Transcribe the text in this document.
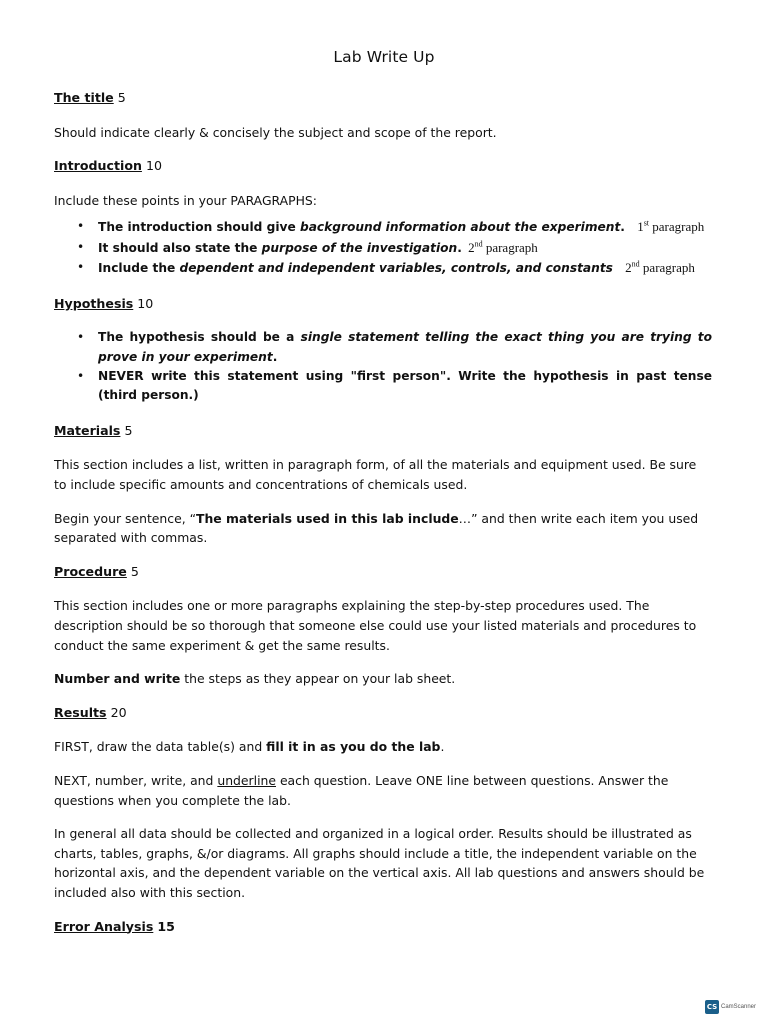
Lab Write Up
The title 5

Should indicate clearly & concisely the subject and scope of the report.

Introduction 10

Include these points in your PARAGRAPHS:

• The introduction should give background information about the experiment. 1st paragraph
• It should also state the purpose of the investigation. 2nd paragraph
• Include the dependent and independent variables, controls, and constants 2nd paragraph
Hypothesis 10
• The hypothesis should be a single statement telling the exact thing you are trying to prove in your experiment.
• NEVER write this statement using "first person". Write the hypothesis in past tense (third person.)
Materials 5

This section includes a list, written in paragraph form, of all the materials and equipment used. Be sure to include specific amounts and concentrations of chemicals used.

Begin your sentence, “The materials used in this lab include…” and then write each item you used separated with commas.

Procedure 5

This section includes one or more paragraphs explaining the step-by-step procedures used. The description should be so thorough that someone else could use your listed materials and procedures to conduct the same experiment & get the same results.

Number and write the steps as they appear on your lab sheet.

Results 20

FIRST, draw the data table(s) and fill it in as you do the lab.

NEXT, number, write, and underline each question. Leave ONE line between questions. Answer the questions when you complete the lab.

In general all data should be collected and organized in a logical order. Results should be illustrated as charts, tables, graphs, &/or diagrams. All graphs should include a title, the independent variable on the horizontal axis, and the dependent variable on the vertical axis. All lab questions and answers should be included also with this section.

Error Analysis 15
CS CamScanner
